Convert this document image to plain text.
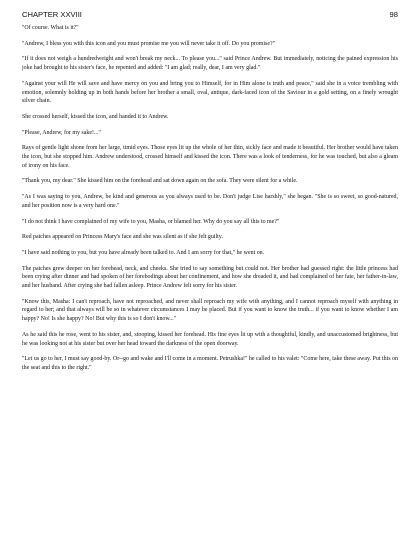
CHAPTER XXVIII	98

"Of course. What is it?"

"Andrew, I bless you with this icon and you must promise me you will never take it off. Do you promise?"

"If it does not weigh a hundredweight and won't break my neck... To please you..." said Prince Andrew. But immediately, noticing the pained expression his joke had brought to his sister's face, he repented and added: "I am glad; really, dear, I am very glad."

"Against your will He will save and have mercy on you and bring you to Himself, for in Him alone is truth and peace," said she in a voice trembling with emotion, solemnly holding up in both hands before her brother a small, oval, antique, dark-faced icon of the Saviour in a gold setting, on a finely wrought silver chain.

She crossed herself, kissed the icon, and handed it to Andrew.

"Please, Andrew, for my sake!..."

Rays of gentle light shone from her large, timid eyes. Those eyes lit up the whole of her thin, sickly face and made it beautiful. Her brother would have taken the icon, but she stopped him. Andrew understood, crossed himself and kissed the icon. There was a look of tenderness, for he was touched, but also a gleam of irony on his face.

"Thank you, my dear." She kissed him on the forehead and sat down again on the sofa. They were silent for a while.

"As I was saying to you, Andrew, be kind and generous as you always used to be. Don't judge Lise harshly," she began. "She is so sweet, so good-natured, and her position now is a very hard one."

"I do not think I have complained of my wife to you, Masha, or blamed her. Why do you say all this to me?"

Red patches appeared on Princess Mary's face and she was silent as if she felt guilty.

"I have said nothing to you, but you have already been talked to. And I am sorry for that," he went on.

The patches grew deeper on her forehead, neck, and cheeks. She tried to say something but could not. Her brother had guessed right: the little princess had been crying after dinner and had spoken of her forebodings about her confinement, and how she dreaded it, and had complained of her fate, her father-in-law, and her husband. After crying she had fallen asleep. Prince Andrew felt sorry for his sister.

"Know this, Masha: I can't reproach, have not reproached, and never shall reproach my wife with anything, and I cannot reproach myself with anything in regard to her; and that always will be so in whatever circumstances I may be placed. But if you want to know the truth... if you want to know whether I am happy? No! Is she happy? No! But why this is so I don't know..."

As he said this he rose, went to his sister, and, stooping, kissed her forehead. His fine eyes lit up with a thoughtful, kindly, and unaccustomed brightness, but he was looking not at his sister but over her head toward the darkness of the open doorway.

"Let us go to her, I must say good-by. Or--go and wake and I'll come in a moment. Petrushka!" he called to his valet: "Come here, take these away. Put this on the seat and this to the right."
